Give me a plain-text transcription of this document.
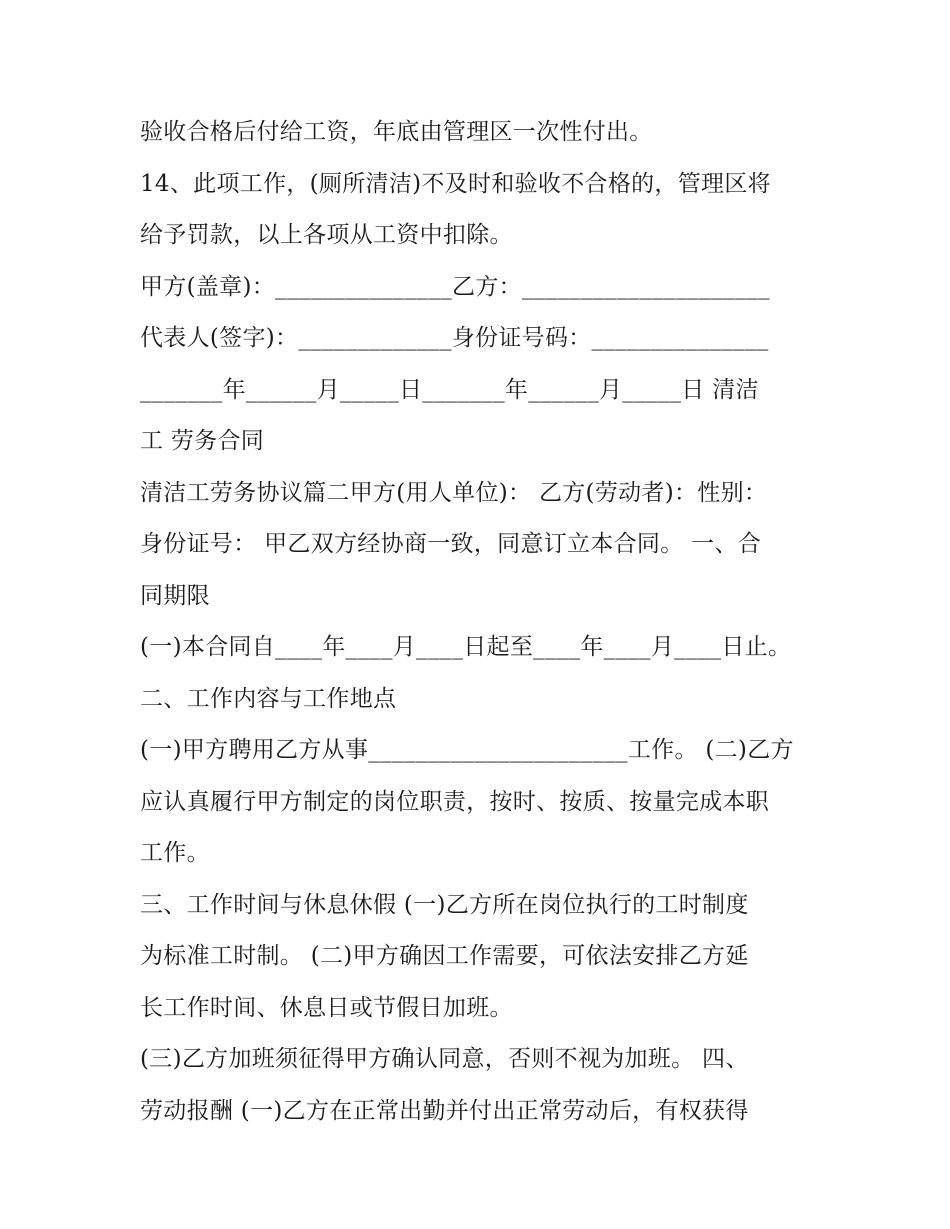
验收合格后付给工资，年底由管理区一次性付出。
14、此项工作，(厕所清洁)不及时和验收不合格的，管理区将
给予罚款，以上各项从工资中扣除。
甲方(盖章)：_______________乙方：_____________________
代表人(签字)：_____________身份证号码：_______________
_______年______月_____日_______年______月_____日 清洁
工 劳务合同
清洁工劳务协议篇二甲方(用人单位)： 乙方(劳动者)：性别：
身份证号： 甲乙双方经协商一致，同意订立本合同。 一、合
同期限
(一)本合同自____年____月____日起至____年____月____日止。
二、工作内容与工作地点
(一)甲方聘用乙方从事______________________工作。 (二)乙方
应认真履行甲方制定的岗位职责，按时、按质、按量完成本职
工作。
三、工作时间与休息休假 (一)乙方所在岗位执行的工时制度
为标准工时制。 (二)甲方确因工作需要，可依法安排乙方延
长工作时间、休息日或节假日加班。
(三)乙方加班须征得甲方确认同意，否则不视为加班。 四、
劳动报酬 (一)乙方在正常出勤并付出正常劳动后，有权获得
